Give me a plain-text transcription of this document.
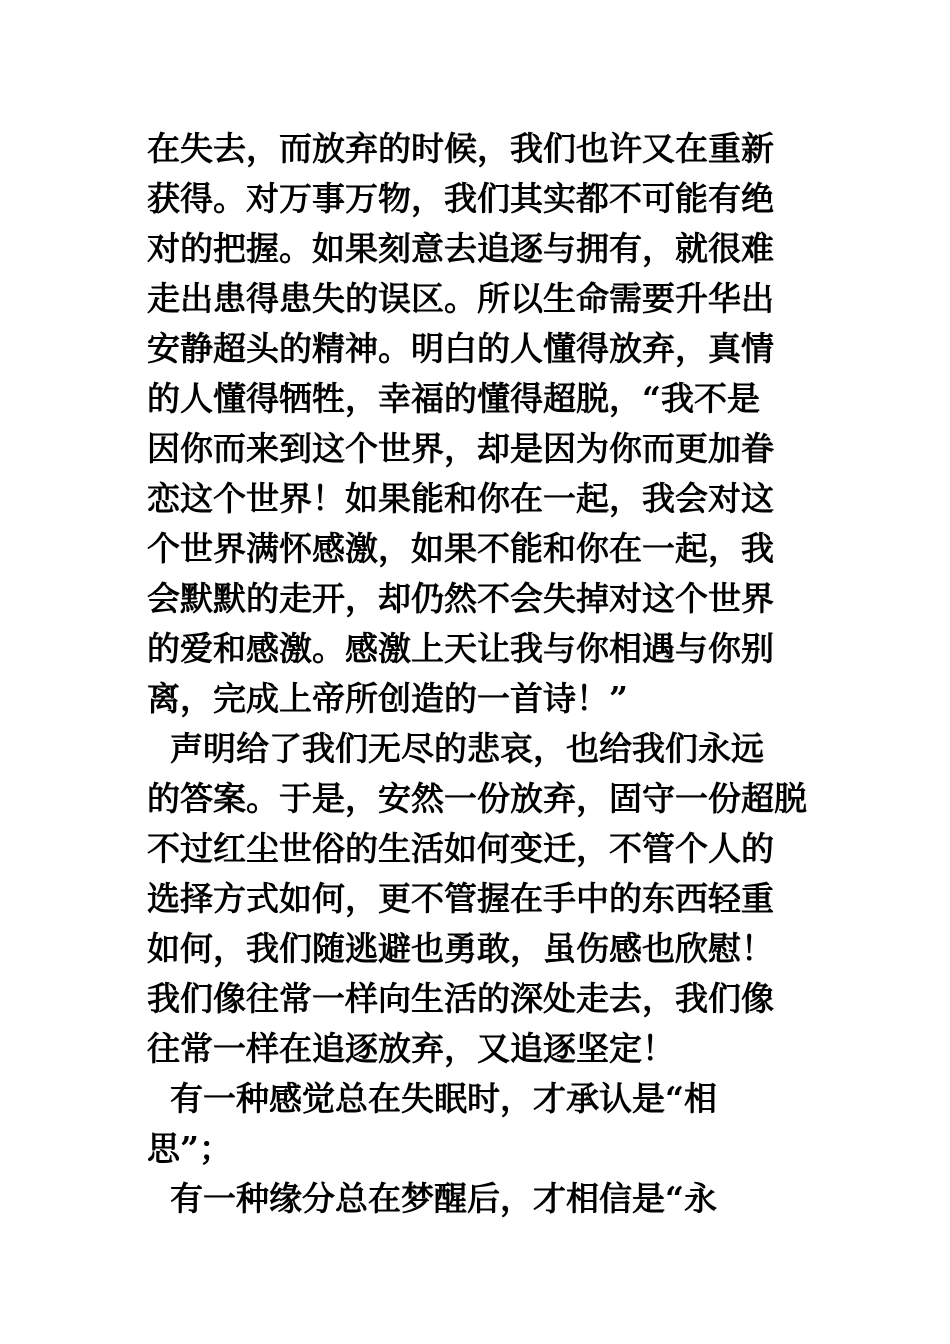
在失去，而放弃的时候，我们也许又在重新
获得。对万事万物，我们其实都不可能有绝
对的把握。如果刻意去追逐与拥有，就很难
走出患得患失的误区。所以生命需要升华出
安静超头的精神。明白的人懂得放弃，真情
的人懂得牺牲，幸福的懂得超脱，“我不是
因你而来到这个世界，却是因为你而更加眷
恋这个世界！如果能和你在一起，我会对这
个世界满怀感激，如果不能和你在一起，我
会默默的走开，却仍然不会失掉对这个世界
的爱和感激。感激上天让我与你相遇与你别
离，完成上帝所创造的一首诗！”
声明给了我们无尽的悲哀，也给我们永远
的答案。于是，安然一份放弃，固守一份超脱
不过红尘世俗的生活如何变迁，不管个人的
选择方式如何，更不管握在手中的东西轻重
如何，我们随逃避也勇敢，虽伤感也欣慰！
我们像往常一样向生活的深处走去，我们像
往常一样在追逐放弃，又追逐坚定！
有一种感觉总在失眠时，才承认是“相
思”；
有一种缘分总在梦醒后，才相信是“永
